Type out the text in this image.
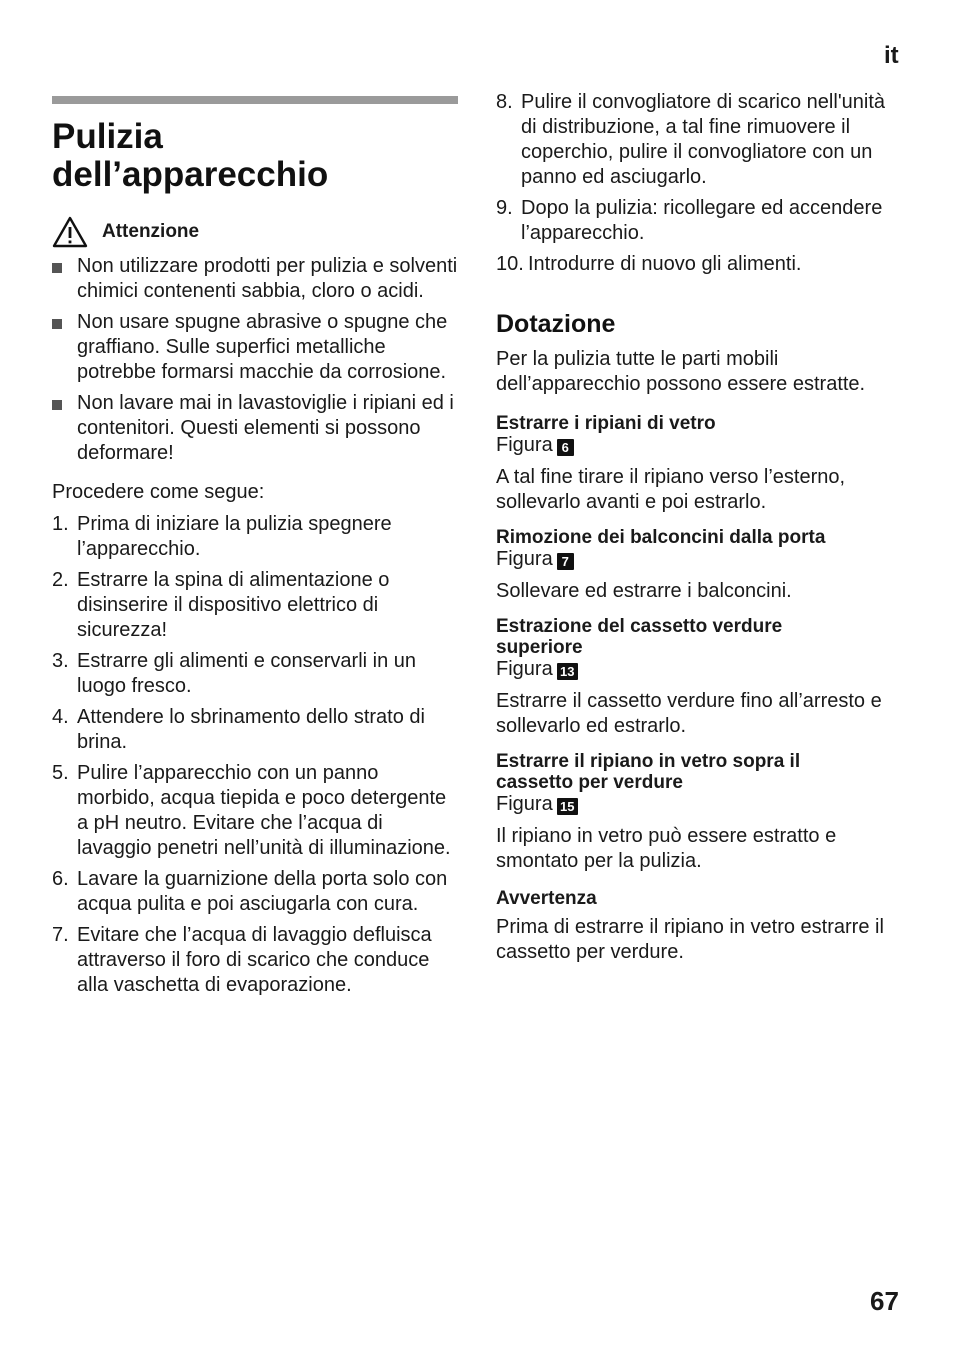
it
Pulizia
dell’apparecchio
Attenzione
Non utilizzare prodotti per pulizia e solventi chimici contenenti sabbia, cloro o acidi.
Non usare spugne abrasive o spugne che graffiano. Sulle superfici metalliche potrebbe formarsi macchie da corrosione.
Non lavare mai in lavastoviglie i ripiani ed i contenitori. Questi elementi si possono deformare!
Procedere come segue:
1. Prima di iniziare la pulizia spegnere l’apparecchio.
2. Estrarre la spina di alimentazione o disinserire il dispositivo elettrico di sicurezza!
3. Estrarre gli alimenti e conservarli in un luogo fresco.
4. Attendere lo sbrinamento dello strato di brina.
5. Pulire l’apparecchio con un panno morbido, acqua tiepida e poco detergente a pH neutro. Evitare che l’acqua di lavaggio penetri nell’unità di illuminazione.
6. Lavare la guarnizione della porta solo con acqua pulita e poi asciugarla con cura.
7. Evitare che l’acqua di lavaggio defluisca attraverso il foro di scarico che conduce alla vaschetta di evaporazione.
8. Pulire il convogliatore di scarico nell'unità di distribuzione, a tal fine rimuovere il coperchio, pulire il convogliatore con un panno ed asciugarlo.
9. Dopo la pulizia: ricollegare ed accendere l’apparecchio.
10. Introdurre di nuovo gli alimenti.
Dotazione
Per la pulizia tutte le parti mobili dell’apparecchio possono essere estratte.
Estrarre i ripiani di vetro
Figura 6
A tal fine tirare il ripiano verso l’esterno, sollevarlo avanti e poi estrarlo.
Rimozione dei balconcini dalla porta
Figura 7
Sollevare ed estrarre i balconcini.
Estrazione del cassetto verdure superiore
Figura 13
Estrarre il cassetto verdure fino all’arresto e sollevarlo ed estrarlo.
Estrarre il ripiano in vetro sopra il cassetto per verdure
Figura 15
Il ripiano in vetro può essere estratto e smontato per la pulizia.
Avvertenza
Prima di estrarre il ripiano in vetro estrarre il cassetto per verdure.
67
